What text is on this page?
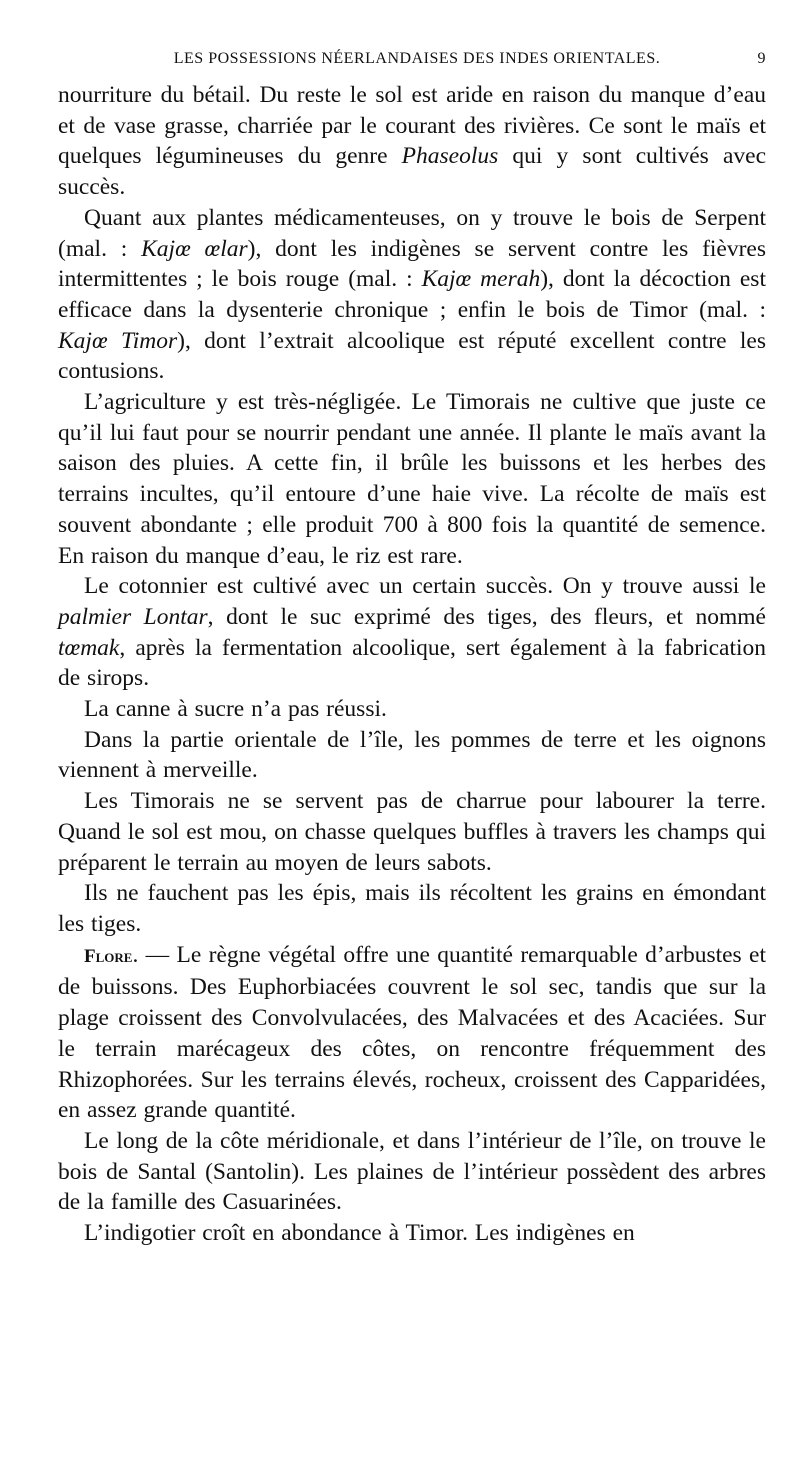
LES POSSESSIONS NÉERLANDAISES DES INDES ORIENTALES.	9

nourriture du bétail. Du reste le sol est aride en raison du manque d’eau et de vase grasse, charriée par le courant des rivières. Ce sont le maïs et quelques légumineuses du genre Phaseolus qui y sont cultivés avec succès.

Quant aux plantes médicamenteuses, on y trouve le bois de Serpent (mal. : Kajœ œlar), dont les indigènes se servent contre les fièvres intermittentes ; le bois rouge (mal. : Kajœ merah), dont la décoction est efficace dans la dysenterie chronique ; enfin le bois de Timor (mal. : Kajœ Timor), dont l’extrait alcoolique est réputé excellent contre les contusions.

L’agriculture y est très-négligée. Le Timorais ne cultive que juste ce qu’il lui faut pour se nourrir pendant une année. Il plante le maïs avant la saison des pluies. A cette fin, il brûle les buissons et les herbes des terrains incultes, qu’il entoure d’une haie vive. La récolte de maïs est souvent abondante ; elle produit 700 à 800 fois la quantité de semence. En raison du manque d’eau, le riz est rare.

Le cotonnier est cultivé avec un certain succès. On y trouve aussi le palmier Lontar, dont le suc exprimé des tiges, des fleurs, et nommé tœmak, après la fermentation alcoolique, sert également à la fabrication de sirops.

La canne à sucre n’a pas réussi.

Dans la partie orientale de l’île, les pommes de terre et les oignons viennent à merveille.

Les Timorais ne se servent pas de charrue pour labourer la terre. Quand le sol est mou, on chasse quelques buffles à travers les champs qui préparent le terrain au moyen de leurs sabots.

Ils ne fauchent pas les épis, mais ils récoltent les grains en émondant les tiges.

Flore. — Le règne végétal offre une quantité remarquable d’arbustes et de buissons. Des Euphorbiacées couvrent le sol sec, tandis que sur la plage croissent des Convolvulacées, des Malvacées et des Acaciées. Sur le terrain marécageux des côtes, on rencontre fréquemment des Rhizophorées. Sur les terrains élevés, rocheux, croissent des Capparidées, en assez grande quantité.

Le long de la côte méridionale, et dans l’intérieur de l’île, on trouve le bois de Santal (Santolin). Les plaines de l’intérieur possèdent des arbres de la famille des Casuarinées.

L’indigotier croît en abondance à Timor. Les indigènes en
